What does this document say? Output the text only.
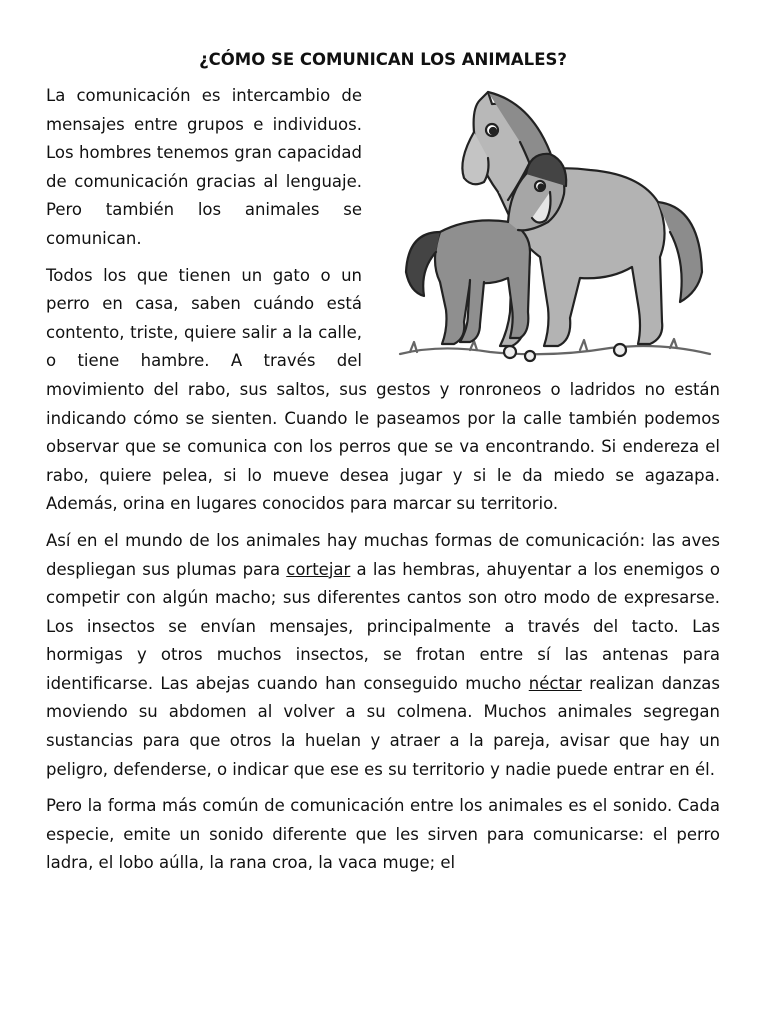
¿CÓMO SE COMUNICAN LOS ANIMALES?

La comunicación es intercambio de mensajes entre grupos e individuos. Los hombres tenemos gran capacidad de comunicación gracias al lenguaje. Pero también los animales se comunican.

Todos los que tienen un gato o un perro en casa, saben cuándo está contento, triste, quiere salir a la calle, o tiene hambre. A través del movimiento del rabo, sus saltos, sus gestos y ronroneos o ladridos no están indicando cómo se sienten. Cuando le paseamos por la calle también podemos observar que se comunica con los perros que se va encontrando. Si endereza el rabo, quiere pelea, si lo mueve desea jugar y si le da miedo se agazapa. Además, orina en lugares conocidos para marcar su territorio.

Así en el mundo de los animales hay muchas formas de comunicación: las aves despliegan sus plumas para cortejar a las hembras, ahuyentar a los enemigos o competir con algún macho; sus diferentes cantos son otro modo de expresarse. Los insectos se envían mensajes, principalmente a través del tacto. Las hormigas y otros muchos insectos, se frotan entre sí las antenas para identificarse. Las abejas cuando han conseguido mucho néctar realizan danzas moviendo su abdomen al volver a su colmena. Muchos animales segregan sustancias para que otros la huelan y atraer a la pareja, avisar que hay un peligro, defenderse, o indicar que ese es su territorio y nadie puede entrar en él.

Pero la forma más común de comunicación entre los animales es el sonido. Cada especie, emite un sonido diferente que les sirven para comunicarse: el perro ladra, el lobo aúlla, la rana croa, la vaca muge; el
